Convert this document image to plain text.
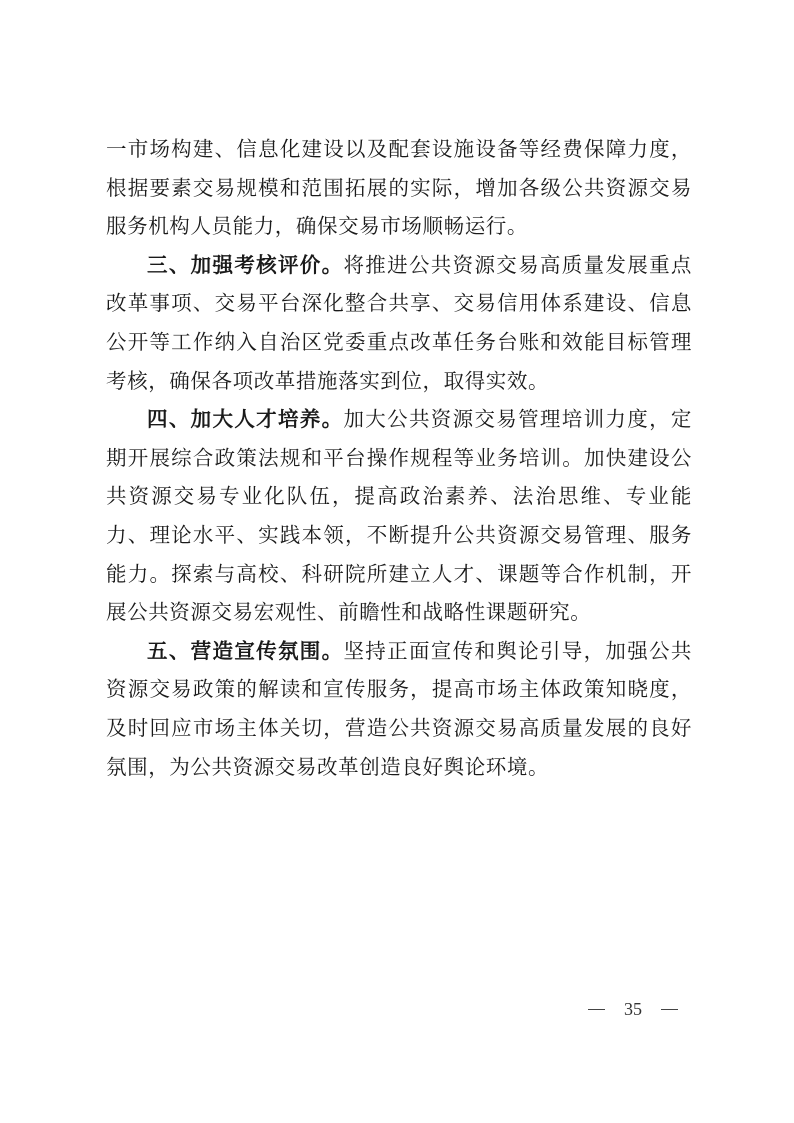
一市场构建、信息化建设以及配套设施设备等经费保障力度，根据要素交易规模和范围拓展的实际，增加各级公共资源交易服务机构人员能力，确保交易市场顺畅运行。

三、加强考核评价。将推进公共资源交易高质量发展重点改革事项、交易平台深化整合共享、交易信用体系建设、信息公开等工作纳入自治区党委重点改革任务台账和效能目标管理考核，确保各项改革措施落实到位，取得实效。

四、加大人才培养。加大公共资源交易管理培训力度，定期开展综合政策法规和平台操作规程等业务培训。加快建设公共资源交易专业化队伍，提高政治素养、法治思维、专业能力、理论水平、实践本领，不断提升公共资源交易管理、服务能力。探索与高校、科研院所建立人才、课题等合作机制，开展公共资源交易宏观性、前瞻性和战略性课题研究。

五、营造宣传氛围。坚持正面宣传和舆论引导，加强公共资源交易政策的解读和宣传服务，提高市场主体政策知晓度，及时回应市场主体关切，营造公共资源交易高质量发展的良好氛围，为公共资源交易改革创造良好舆论环境。

35
